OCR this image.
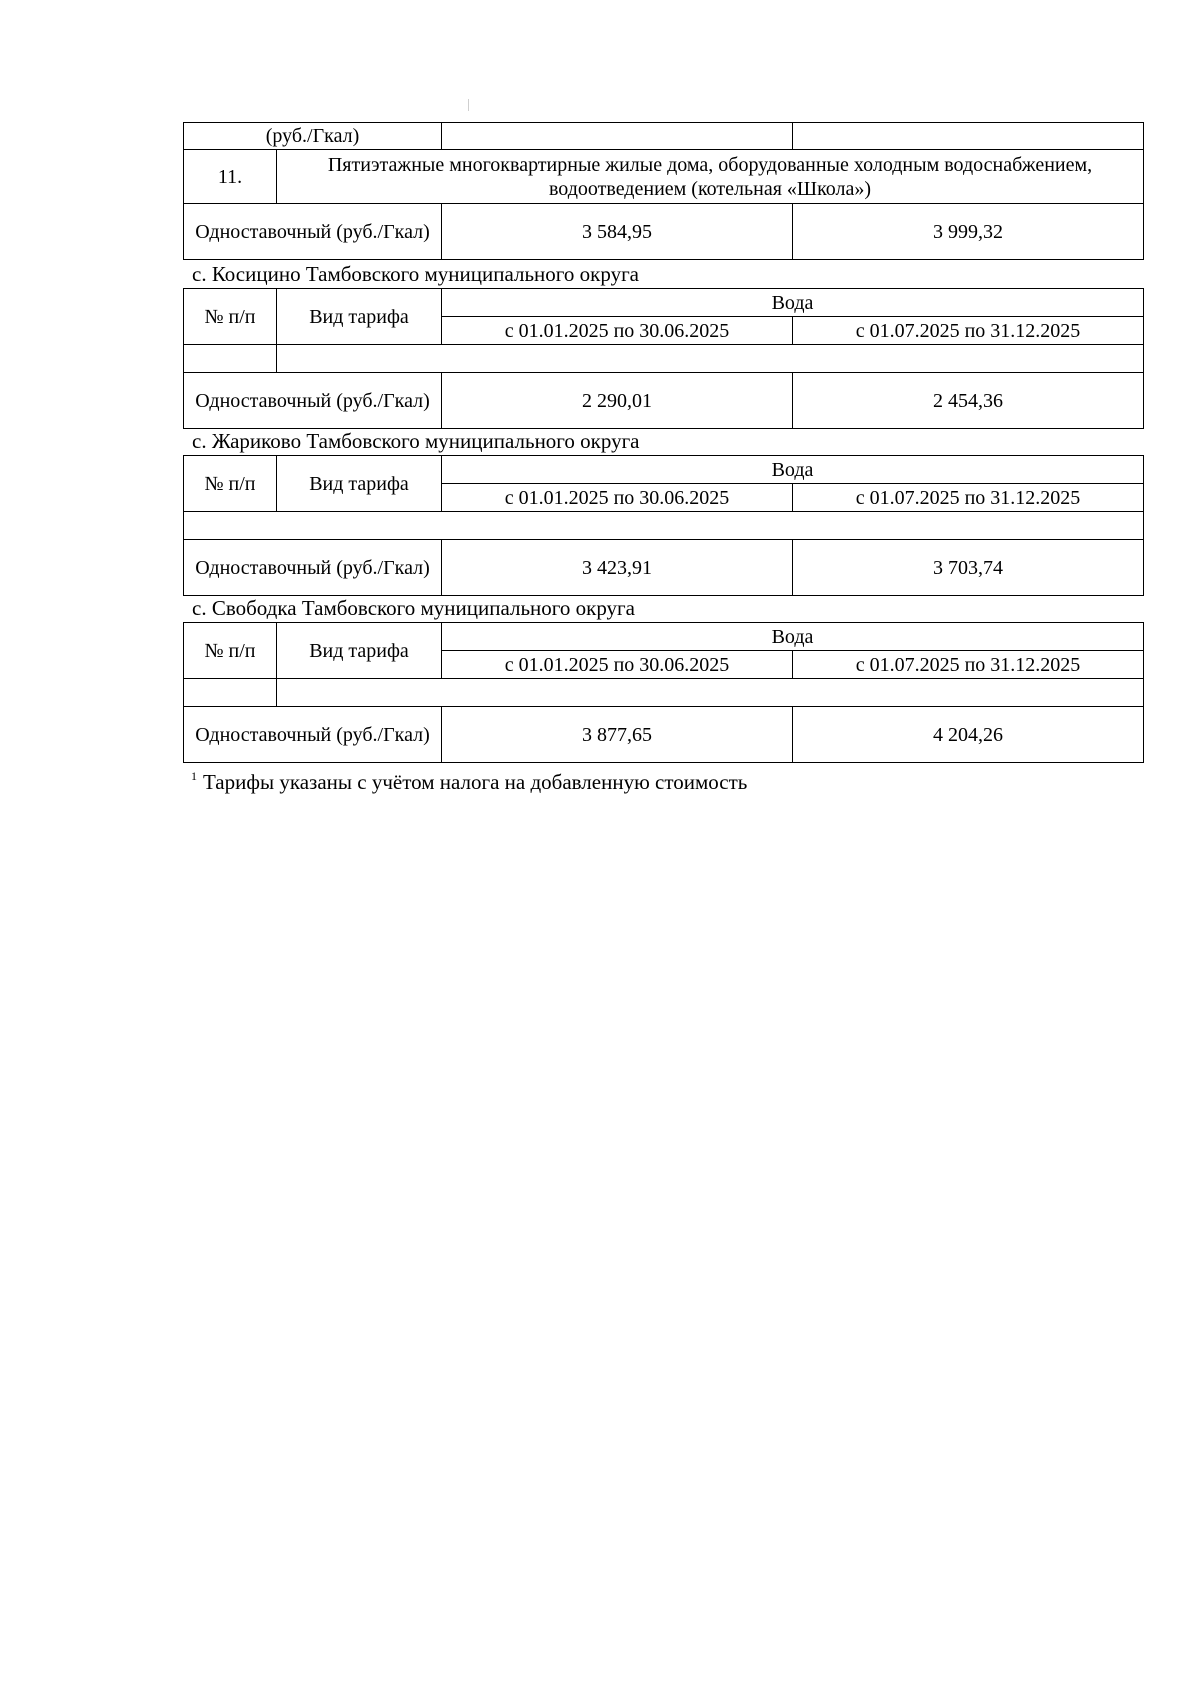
(руб./Гкал)			
11.	Пятиэтажные многоквартирные жилые дома, оборудованные холодным водоснабжением, водоотведением (котельная «Школа»)		
Одноставочный (руб./Гкал)		3 584,95	3 999,32
с. Косицино Тамбовского муниципального округа
№ п/п	Вид тарифа	Вода	
		с 01.01.2025 по 30.06.2025	с 01.07.2025 по 31.12.2025

Одноставочный (руб./Гкал)		2 290,01	2 454,36
с. Жариково Тамбовского муниципального округа
№ п/п	Вид тарифа	Вода	
		с 01.01.2025 по 30.06.2025	с 01.07.2025 по 31.12.2025

Одноставочный (руб./Гкал)		3 423,91	3 703,74
с. Свободка Тамбовского муниципального округа
№ п/п	Вид тарифа	Вода	
		с 01.01.2025 по 30.06.2025	с 01.07.2025 по 31.12.2025

Одноставочный (руб./Гкал)		3 877,65	4 204,26
$^1$ Тарифы указаны с учётом налога на добавленную стоимость
